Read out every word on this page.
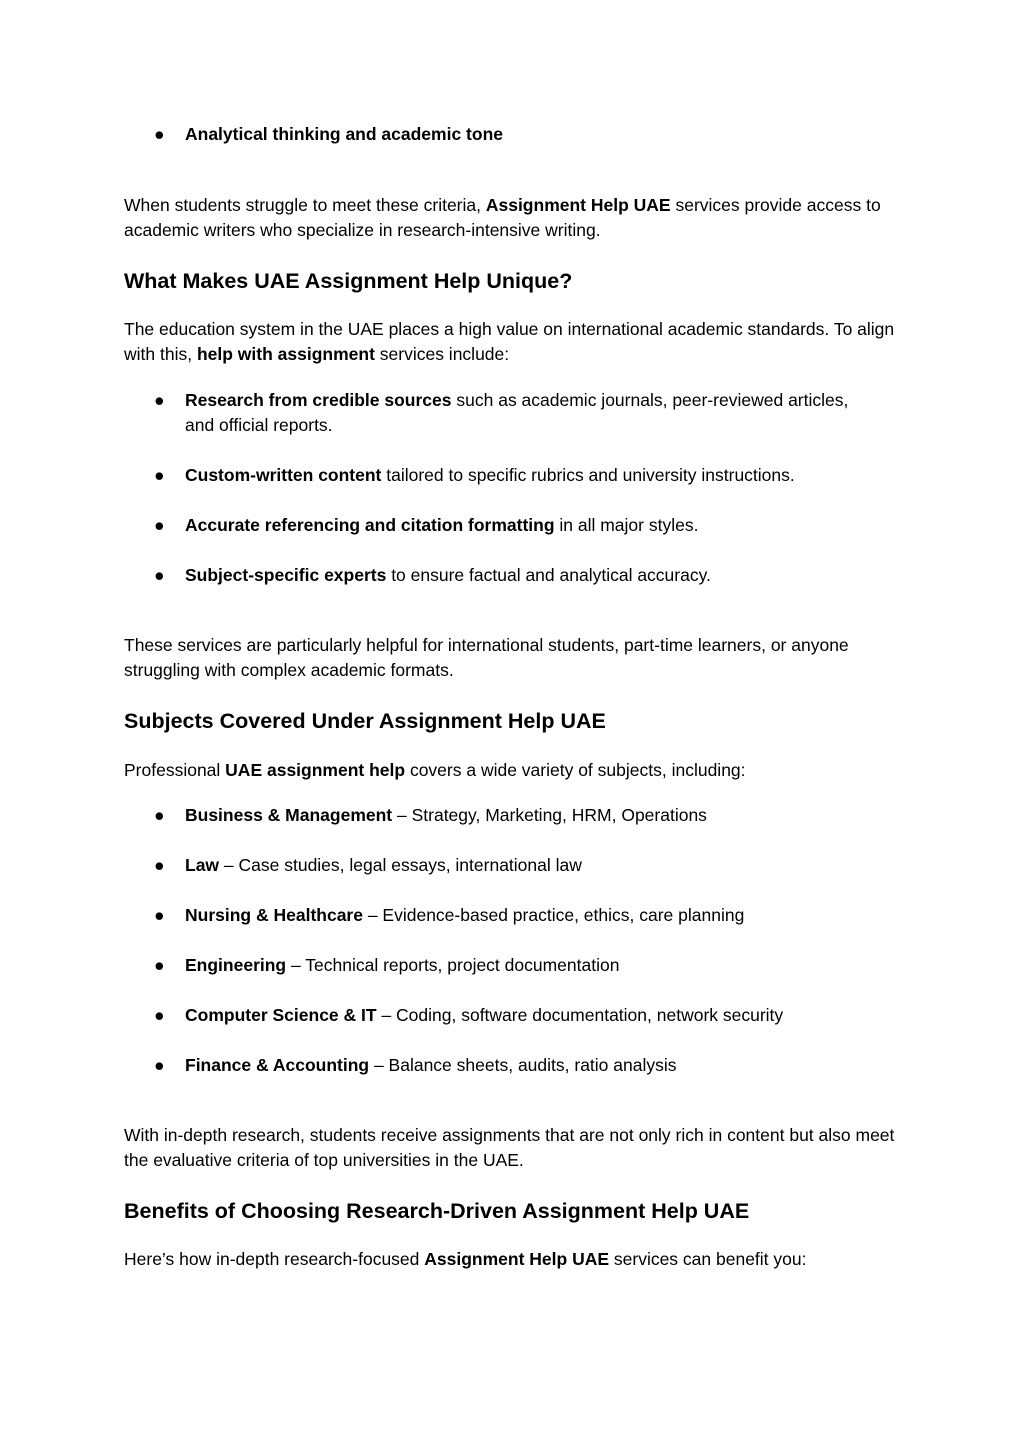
●	Analytical thinking and academic tone

When students struggle to meet these criteria, Assignment Help UAE services provide access to academic writers who specialize in research-intensive writing.

What Makes UAE Assignment Help Unique?

The education system in the UAE places a high value on international academic standards. To align with this, help with assignment services include:

●	Research from credible sources such as academic journals, peer-reviewed articles, and official reports.
●	Custom-written content tailored to specific rubrics and university instructions.
●	Accurate referencing and citation formatting in all major styles.
●	Subject-specific experts to ensure factual and analytical accuracy.

These services are particularly helpful for international students, part-time learners, or anyone struggling with complex academic formats.

Subjects Covered Under Assignment Help UAE

Professional UAE assignment help covers a wide variety of subjects, including:

●	Business & Management – Strategy, Marketing, HRM, Operations
●	Law – Case studies, legal essays, international law
●	Nursing & Healthcare – Evidence-based practice, ethics, care planning
●	Engineering – Technical reports, project documentation
●	Computer Science & IT – Coding, software documentation, network security
●	Finance & Accounting – Balance sheets, audits, ratio analysis

With in-depth research, students receive assignments that are not only rich in content but also meet the evaluative criteria of top universities in the UAE.

Benefits of Choosing Research-Driven Assignment Help UAE

Here’s how in-depth research-focused Assignment Help UAE services can benefit you:
